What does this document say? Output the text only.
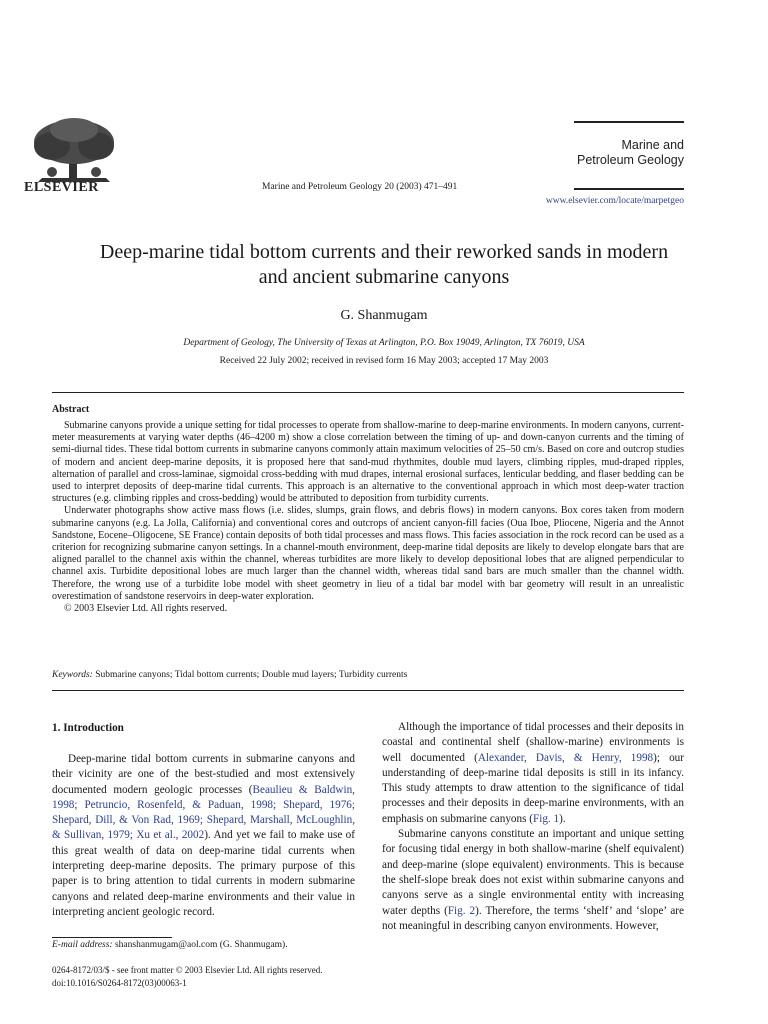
ELSEVIER	Marine and Petroleum Geology 20 (2003) 471–491
Marine and
Petroleum Geology
www.elsevier.com/locate/marpetgeo
Deep-marine tidal bottom currents and their reworked sands in modern
and ancient submarine canyons
G. Shanmugam
Department of Geology, The University of Texas at Arlington, P.O. Box 19049, Arlington, TX 76019, USA
Received 22 July 2002; received in revised form 16 May 2003; accepted 17 May 2003
Abstract

Submarine canyons provide a unique setting for tidal processes to operate from shallow-marine to deep-marine environments. In modern canyons, current-meter measurements at varying water depths (46–4200 m) show a close correlation between the timing of up- and down-canyon currents and the timing of semi-diurnal tides. These tidal bottom currents in submarine canyons commonly attain maximum velocities of 25–50 cm/s. Based on core and outcrop studies of modern and ancient deep-marine deposits, it is proposed here that sand-mud rhythmites, double mud layers, climbing ripples, mud-draped ripples, alternation of parallel and cross-laminae, sigmoidal cross-bedding with mud drapes, internal erosional surfaces, lenticular bedding, and flaser bedding can be used to interpret deposits of deep-marine tidal currents. This approach is an alternative to the conventional approach in which most deep-water traction structures (e.g. climbing ripples and cross-bedding) would be attributed to deposition from turbidity currents.

Underwater photographs show active mass flows (i.e. slides, slumps, grain flows, and debris flows) in modern canyons. Box cores taken from modern submarine canyons (e.g. La Jolla, California) and conventional cores and outcrops of ancient canyon-fill facies (Oua Iboe, Pliocene, Nigeria and the Annot Sandstone, Eocene–Oligocene, SE France) contain deposits of both tidal processes and mass flows. This facies association in the rock record can be used as a criterion for recognizing submarine canyon settings. In a channel-mouth environment, deep-marine tidal deposits are likely to develop elongate bars that are aligned parallel to the channel axis within the channel, whereas turbidites are more likely to develop depositional lobes that are aligned perpendicular to channel axis. Turbidite depositional lobes are much larger than the channel width, whereas tidal sand bars are much smaller than the channel width. Therefore, the wrong use of a turbidite lobe model with sheet geometry in lieu of a tidal bar model with bar geometry will result in an unrealistic overestimation of sandstone reservoirs in deep-water exploration.

© 2003 Elsevier Ltd. All rights reserved.

Keywords: Submarine canyons; Tidal bottom currents; Double mud layers; Turbidity currents
1. Introduction

Deep-marine tidal bottom currents in submarine canyons and their vicinity are one of the best-studied and most extensively documented modern geologic processes (Beaulieu & Baldwin, 1998; Petruncio, Rosenfeld, & Paduan, 1998; Shepard, 1976; Shepard, Dill, & Von Rad, 1969; Shepard, Marshall, McLoughlin, & Sullivan, 1979; Xu et al., 2002). And yet we fail to make use of this great wealth of data on deep-marine tidal currents when interpreting deep-marine deposits. The primary purpose of this paper is to bring attention to tidal currents in modern submarine canyons and related deep-marine environments and their value in interpreting ancient geologic record.

Although the importance of tidal processes and their deposits in coastal and continental shelf (shallow-marine) environments is well documented (Alexander, Davis, & Henry, 1998); our understanding of deep-marine tidal deposits is still in its infancy. This study attempts to draw attention to the significance of tidal processes and their deposits in deep-marine environments, with an emphasis on submarine canyons (Fig. 1).

Submarine canyons constitute an important and unique setting for focusing tidal energy in both shallow-marine (shelf equivalent) and deep-marine (slope equivalent) environments. This is because the shelf-slope break does not exist within submarine canyons and canyons serve as a single environmental entity with increasing water depths (Fig. 2). Therefore, the terms ‘shelf’ and ‘slope’ are not meaningful in describing canyon environments. However,

E-mail address: shanshanmugam@aol.com (G. Shanmugam).
0264-8172/03/$ - see front matter © 2003 Elsevier Ltd. All rights reserved.
doi:10.1016/S0264-8172(03)00063-1
